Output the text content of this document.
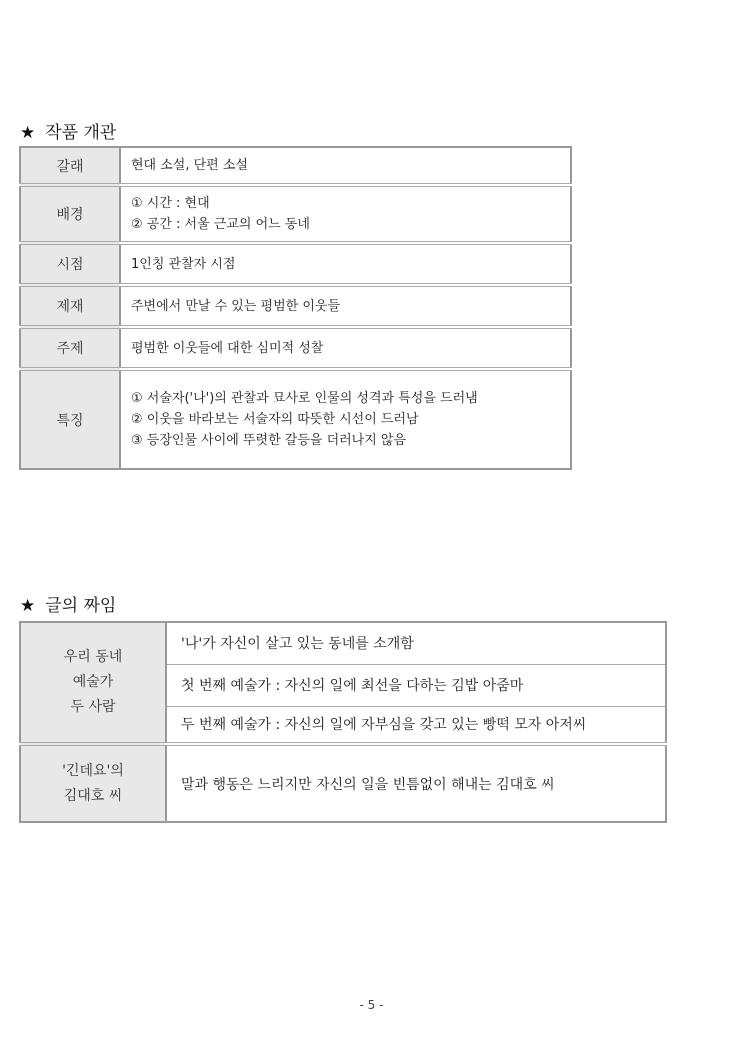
★ 작품 개관
갈래	현대 소설, 단편 소설

배경	① 시간 : 현대
② 공간 : 서울 근교의 어느 동네

시점	1인칭 관찰자 시점

제재	주변에서 만날 수 있는 평범한 이웃들

주제	평범한 이웃들에 대한 심미적 성찰

특징	① 서술자('나')의 관찰과 묘사로 인물의 성격과 특성을 드러냄
② 이웃을 바라보는 서술자의 따뜻한 시선이 드러남
③ 등장인물 사이에 뚜렷한 갈등을 더러나지 않음
★ 글의 짜임
우리 동네
예술가
두 사람	'나'가 자신이 살고 있는 동네를 소개함
	첫 번째 예술가 : 자신의 일에 최선을 다하는 김밥 아줌마
	두 번째 예술가 : 자신의 일에 자부심을 갖고 있는 빵떡 모자 아저씨

'긴데요'의
김대호 씨	말과 행동은 느리지만 자신의 일을 빈틈없이 해내는 김대호 씨
- 5 -
